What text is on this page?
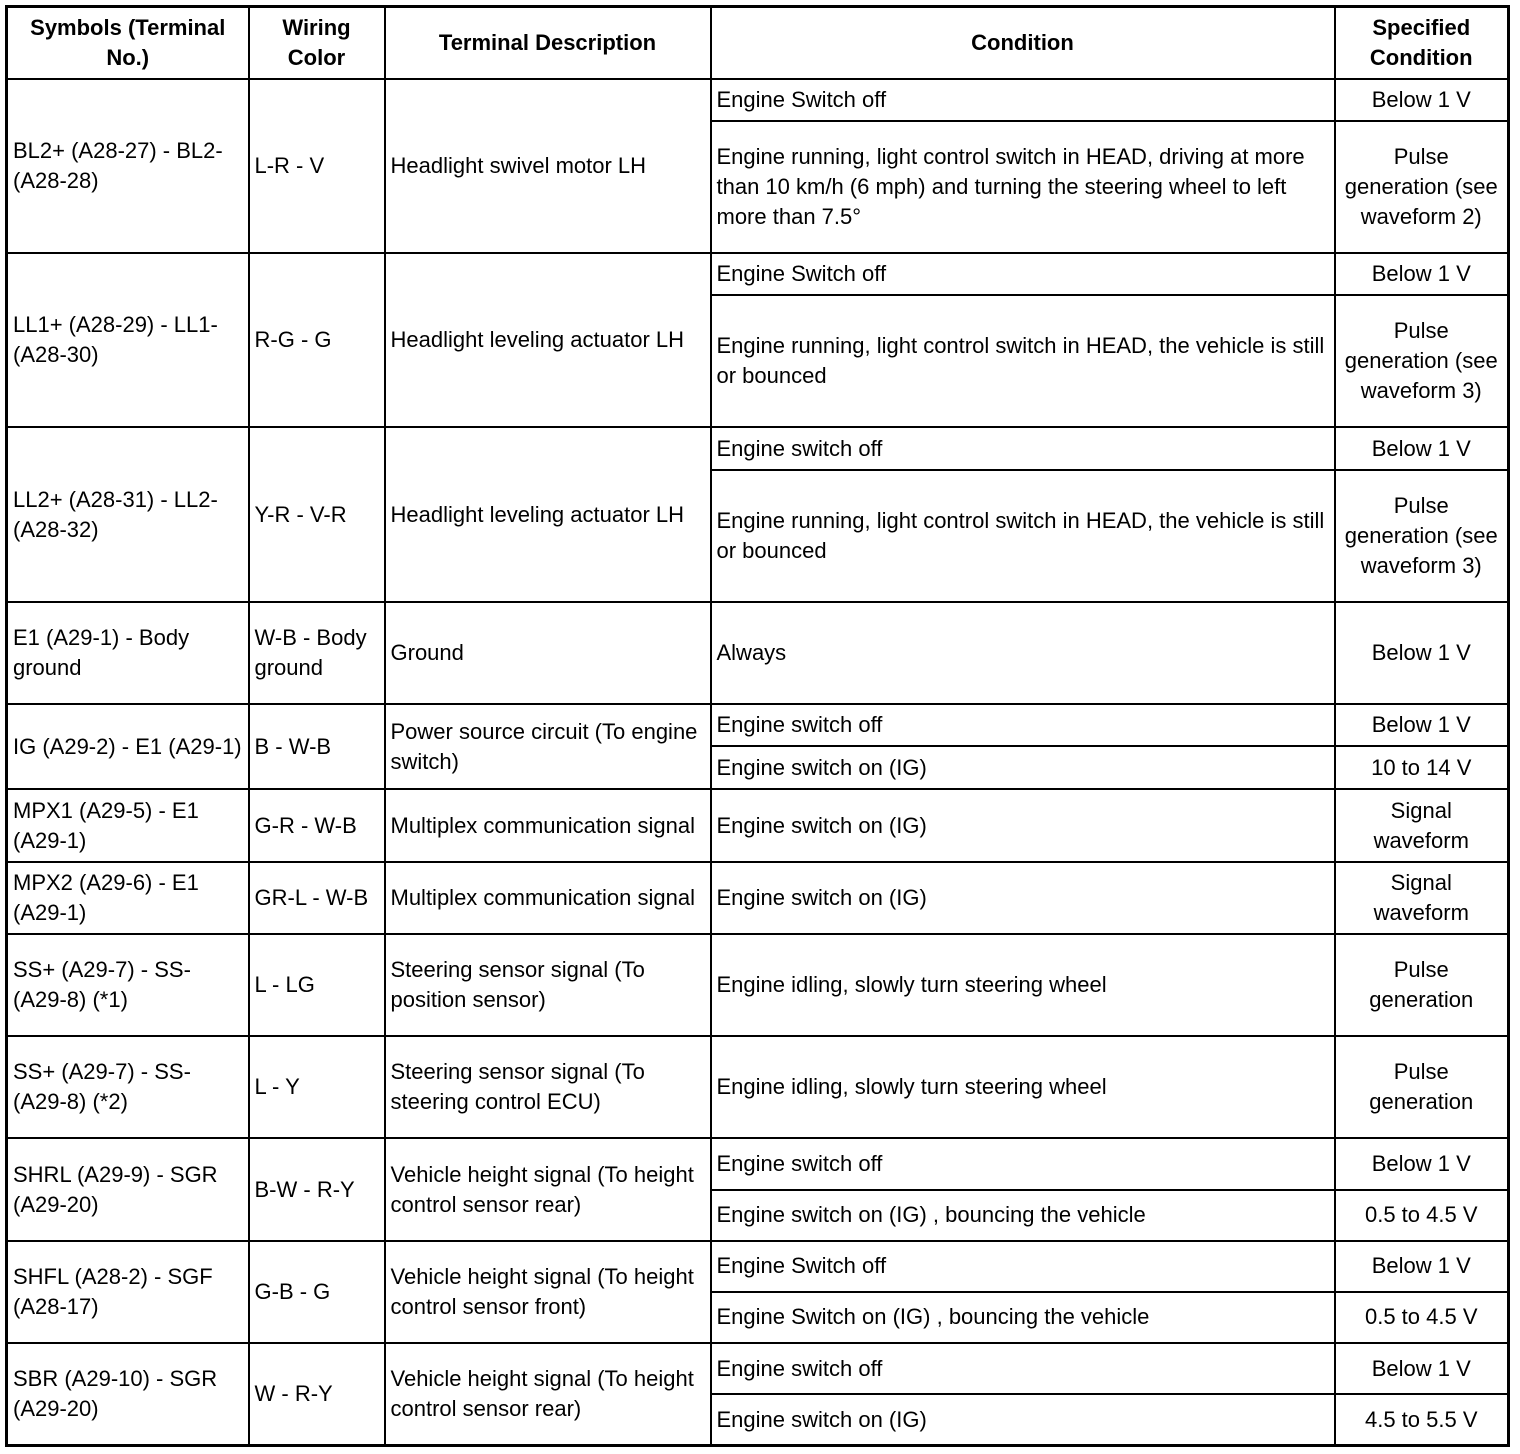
Symbols (Terminal No.)	Wiring Color	Terminal Description	Condition	Specified Condition
BL2+ (A28-27) - BL2-(A28-28)	L-R - V	Headlight swivel motor LH	Engine Switch off	Below 1 V
			Engine running, light control switch in HEAD, driving at more than 10 km/h (6 mph) and turning the steering wheel to left more than 7.5°	Pulse generation (see waveform 2)
LL1+ (A28-29) - LL1- (A28-30)	R-G - G	Headlight leveling actuator LH	Engine Switch off	Below 1 V
			Engine running, light control switch in HEAD, the vehicle is still or bounced	Pulse generation (see waveform 3)
LL2+ (A28-31) - LL2- (A28-32)	Y-R - V-R	Headlight leveling actuator LH	Engine switch off	Below 1 V
			Engine running, light control switch in HEAD, the vehicle is still or bounced	Pulse generation (see waveform 3)
E1 (A29-1) - Body ground	W-B - Body ground	Ground	Always	Below 1 V
IG (A29-2) - E1 (A29-1)	B - W-B	Power source circuit (To engine switch)	Engine switch off	Below 1 V
			Engine switch on (IG)	10 to 14 V
MPX1 (A29-5) - E1 (A29-1)	G-R - W-B	Multiplex communication signal	Engine switch on (IG)	Signal waveform
MPX2 (A29-6) - E1 (A29-1)	GR-L - W-B	Multiplex communication signal	Engine switch on (IG)	Signal waveform
SS+ (A29-7) - SS- (A29-8) (*1)	L - LG	Steering sensor signal (To position sensor)	Engine idling, slowly turn steering wheel	Pulse generation
SS+ (A29-7) - SS- (A29-8) (*2)	L - Y	Steering sensor signal (To steering control ECU)	Engine idling, slowly turn steering wheel	Pulse generation
SHRL (A29-9) - SGR (A29-20)	B-W - R-Y	Vehicle height signal (To height control sensor rear)	Engine switch off	Below 1 V
			Engine switch on (IG) , bouncing the vehicle	0.5 to 4.5 V
SHFL (A28-2) - SGF (A28-17)	G-B - G	Vehicle height signal (To height control sensor front)	Engine Switch off	Below 1 V
			Engine Switch on (IG) , bouncing the vehicle	0.5 to 4.5 V
SBR (A29-10) - SGR (A29-20)	W - R-Y	Vehicle height signal (To height control sensor rear)	Engine switch off	Below 1 V
			Engine switch on (IG)	4.5 to 5.5 V
